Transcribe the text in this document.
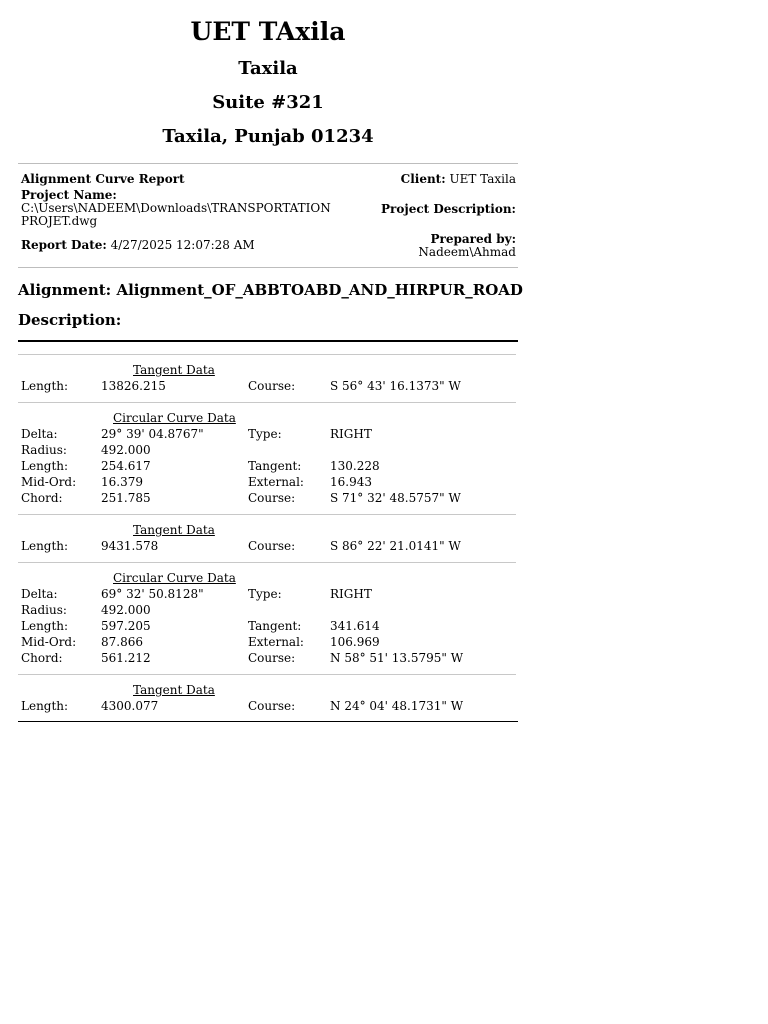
UET TAxila
Taxila
Suite #321
Taxila, Punjab 01234
Alignment Curve Report
Project Name:
C:\Users\NADEEM\Downloads\TRANSPORTATION
PROJET.dwg
Report Date: 4/27/2025 12:07:28 AM
Client: UET Taxila
Project Description:
Prepared by:
Nadeem\Ahmad
Alignment: Alignment_OF_ABBTOABD_AND_HIRPUR_ROAD
Description:
Tangent Data
Length:	13826.215	Course:	S 56° 43' 16.1373" W
Circular Curve Data
Delta:	29° 39' 04.8767"	Type:	RIGHT
Radius:	492.000
Length:	254.617	Tangent: 130.228
Mid-Ord: 16.379	External: 16.943
Chord:	251.785	Course:	S 71° 32' 48.5757" W
Tangent Data
Length:	9431.578	Course:	S 86° 22' 21.0141" W
Circular Curve Data
Delta:	69° 32' 50.8128"	Type:	RIGHT
Radius:	492.000
Length:	597.205	Tangent: 341.614
Mid-Ord: 87.866	External: 106.969
Chord:	561.212	Course:	N 58° 51' 13.5795" W
Tangent Data
Length:	4300.077	Course:	N 24° 04' 48.1731" W
